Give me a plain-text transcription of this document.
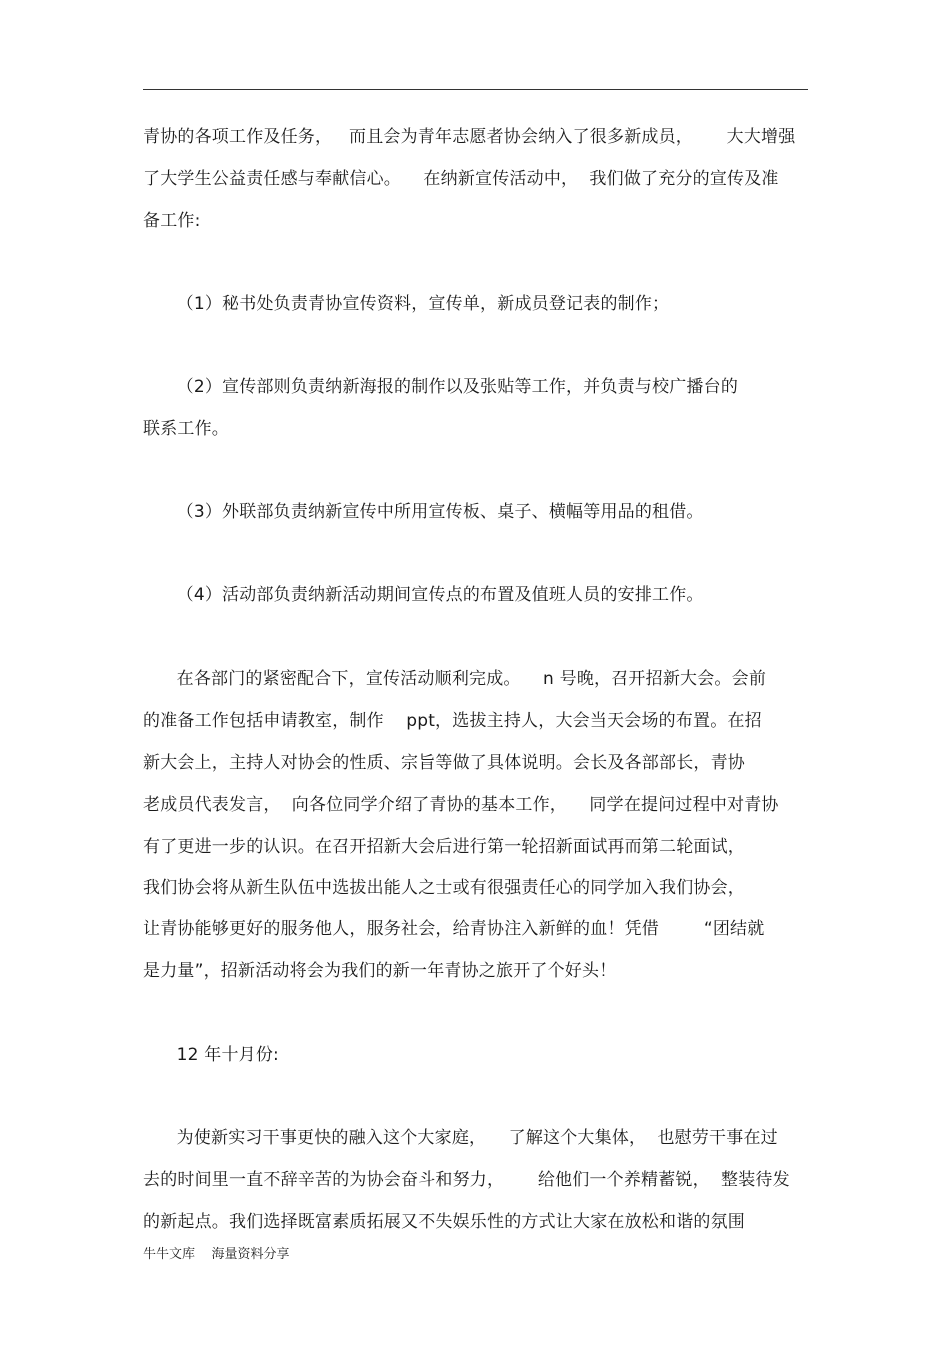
青协的各项工作及任务，   而且会为青年志愿者协会纳入了很多新成员，      大大增强
了大学生公益责任感与奉献信心。    在纳新宣传活动中，  我们做了充分的宣传及准
备工作:
（1）秘书处负责青协宣传资料，宣传单，新成员登记表的制作；
（2）宣传部则负责纳新海报的制作以及张贴等工作，并负责与校广播台的
联系工作。
（3）外联部负责纳新宣传中所用宣传板、桌子、横幅等用品的租借。
（4）活动部负责纳新活动期间宣传点的布置及值班人员的安排工作。
在各部门的紧密配合下，宣传活动顺利完成。    n 号晚，召开招新大会。会前
的准备工作包括申请教室，制作    ppt，选拔主持人，大会当天会场的布置。在招
新大会上，主持人对协会的性质、宗旨等做了具体说明。会长及各部部长，青协
老成员代表发言，  向各位同学介绍了青协的基本工作，    同学在提问过程中对青协
有了更进一步的认识。在召开招新大会后进行第一轮招新面试再而第二轮面试，
我们协会将从新生队伍中选拔出能人之士或有很强责任心的同学加入我们协会，
让青协能够更好的服务他人，服务社会，给青协注入新鲜的血！凭借        “团结就
是力量”，招新活动将会为我们的新一年青协之旅开了个好头！
12 年十月份:
为使新实习干事更快的融入这个大家庭，    了解这个大集体，  也慰劳干事在过
去的时间里一直不辞辛苦的为协会奋斗和努力，      给他们一个养精蓄锐，  整装待发
的新起点。我们选择既富素质拓展又不失娱乐性的方式让大家在放松和谐的氛围
牛牛文库    海量资料分享
